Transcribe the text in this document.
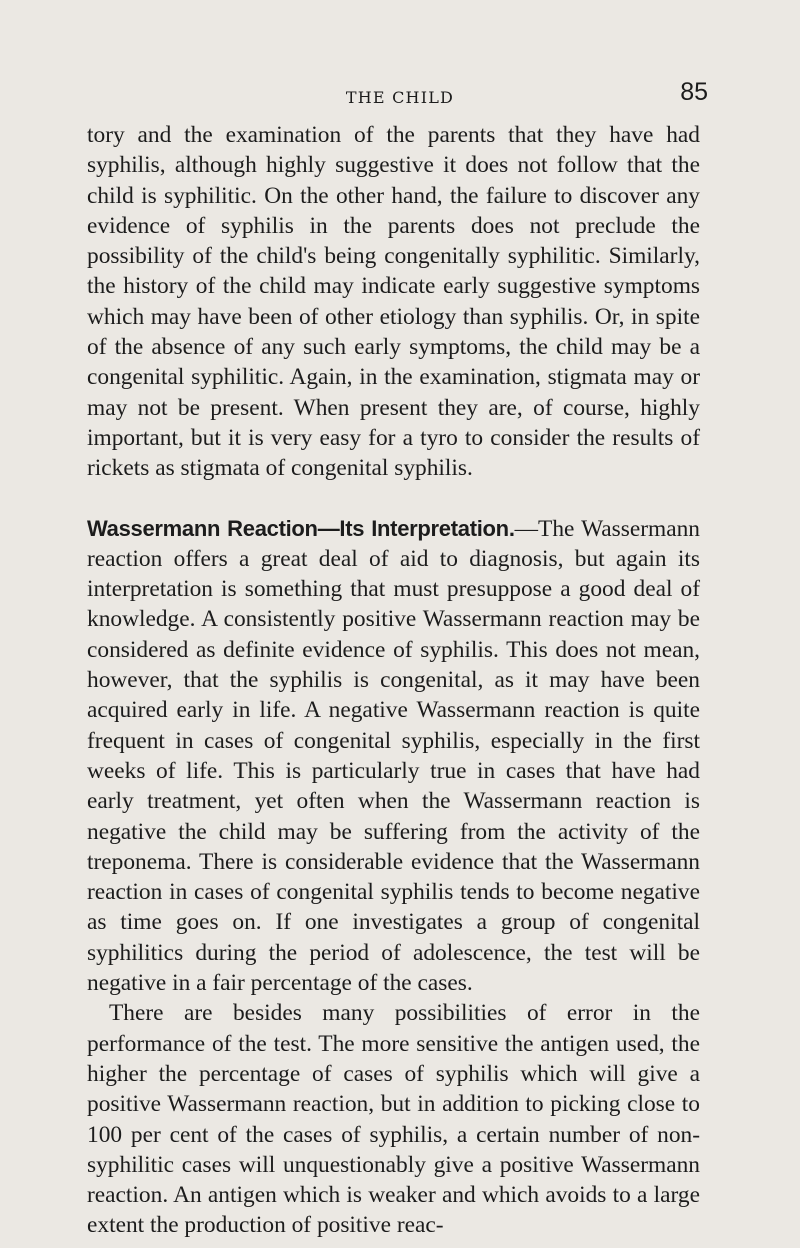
THE CHILD	85

tory and the examination of the parents that they have had syphilis, although highly suggestive it does not follow that the child is syphilitic. On the other hand, the failure to discover any evidence of syphilis in the parents does not preclude the possibility of the child's being congenitally syphilitic. Similarly, the history of the child may indicate early suggestive symptoms which may have been of other etiology than syphilis. Or, in spite of the absence of any such early symptoms, the child may be a congenital syphilitic. Again, in the examination, stigmata may or may not be present. When present they are, of course, highly important, but it is very easy for a tyro to consider the results of rickets as stigmata of congenital syphilis.

Wassermann Reaction—Its Interpretation.—The Wassermann reaction offers a great deal of aid to diagnosis, but again its interpretation is something that must presuppose a good deal of knowledge. A consistently positive Wassermann reaction may be considered as definite evidence of syphilis. This does not mean, however, that the syphilis is congenital, as it may have been acquired early in life. A negative Wassermann reaction is quite frequent in cases of congenital syphilis, especially in the first weeks of life. This is particularly true in cases that have had early treatment, yet often when the Wassermann reaction is negative the child may be suffering from the activity of the treponema. There is considerable evidence that the Wassermann reaction in cases of congenital syphilis tends to become negative as time goes on. If one investigates a group of congenital syphilitics during the period of adolescence, the test will be negative in a fair percentage of the cases.

There are besides many possibilities of error in the performance of the test. The more sensitive the antigen used, the higher the percentage of cases of syphilis which will give a positive Wassermann reaction, but in addition to picking close to 100 per cent of the cases of syphilis, a certain number of non-syphilitic cases will unquestionably give a positive Wassermann reaction. An antigen which is weaker and which avoids to a large extent the production of positive reac-
